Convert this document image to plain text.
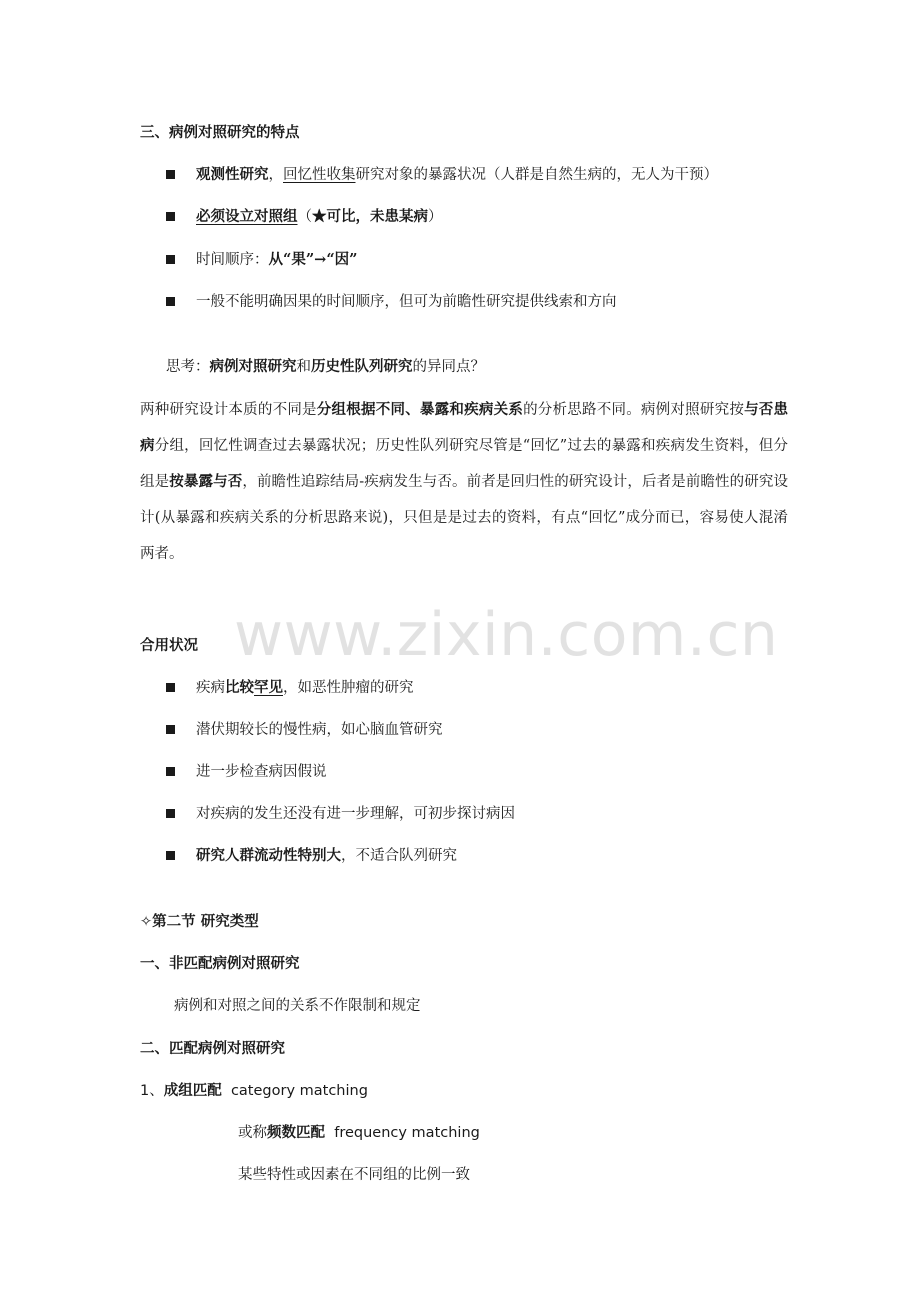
三、病例对照研究的特点
观测性研究，回忆性收集研究对象的暴露状况（人群是自然生病的，无人为干预）
必须设立对照组（★可比，未患某病）
时间顺序：从“果”→“因”
一般不能明确因果的时间顺序，但可为前瞻性研究提供线索和方向
思考：病例对照研究和历史性队列研究的异同点？
两种研究设计本质的不同是分组根据不同、暴露和疾病关系的分析思路不同。病例对照研究按与否患病分组，回忆性调查过去暴露状况；历史性队列研究尽管是“回忆”过去的暴露和疾病发生资料，但分组是按暴露与否，前瞻性追踪结局-疾病发生与否。前者是回归性的研究设计，后者是前瞻性的研究设计(从暴露和疾病关系的分析思路来说)，只但是是过去的资料，有点“回忆”成分而已，容易使人混淆两者。
www.zixin.com.cn
合用状况
疾病比较罕见，如恶性肿瘤的研究
潜伏期较长的慢性病，如心脑血管研究
进一步检查病因假说
对疾病的发生还没有进一步理解，可初步探讨病因
研究人群流动性特别大，不适合队列研究
✧第二节 研究类型
一、非匹配病例对照研究
病例和对照之间的关系不作限制和规定
二、匹配病例对照研究
1、成组匹配 category matching
或称频数匹配 frequency matching
某些特性或因素在不同组的比例一致
